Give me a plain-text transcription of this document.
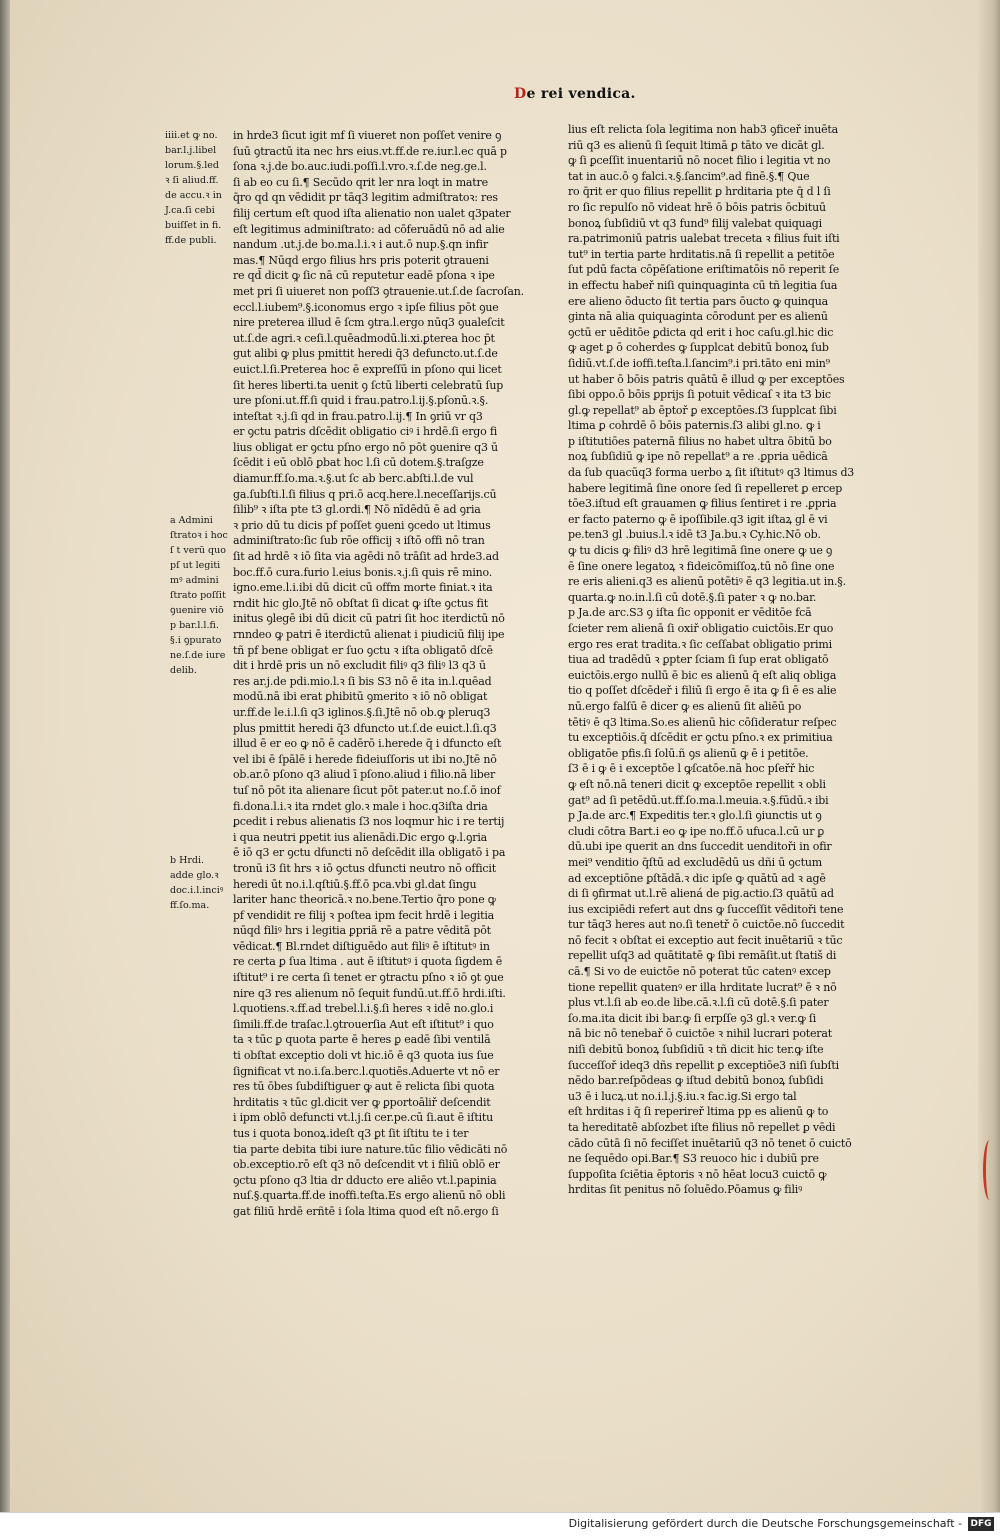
De rei vendica.
iiii.et ꝙ no.
bar.l.j.libel
lorum.§.led
ꝛ ſi aliud.ff.
de accu.ꝛ in
J.ca.ſi cebi
buiſſet in fi.
ff.de publi.
a Admini
ſtratoꝛ i hoc
ſ t verū quo
pſ ut legiti
mꝰ admini
ſtrato poſſit
ꝯuenire viō
p bar.l.l.fi.
§.i ꝯpurato
ne.ſ.de iure
delib.
b Hrdi.
adde glo.ꝛ
doc.i.l.inciꝰ
ff.ſo.ma.
in hrde3 ſicut igit mf ſi viueret non poſſet venire ꝯ
ſuū ꝯtractū ita nec hrs eius.vt.ff.de re.iur.l.ec quā p
ſona ꝛ.j.de bo.auc.iudi.poſſi.l.vro.ꝛ.ſ.de neg.ge.l.
ſi ab eo cu ſi.¶ Secūdo qrit ler nra loqt in matre
q̄ro qd qn vēdidit pr tāq3 legitim admiſtratoꝛ: res
filij certum eſt quod iſta alienatio non ualet q3pater
eſt legitimus adminiſtrato: ad cōferuādū nō ad alie
nandum .ut.j.de bo.ma.l.i.ꝛ i aut.ō nup.§.qn infir
mas.¶ Nūqd ergo filius hrs pris poterit ꝯtraueni
re qd̄ dicit ꝙ ſic nā cū reputetur eadē pſona ꝛ ipe
met pri ſi uiueret non poſſ3 ꝯtrauenie.ut.ſ.de ſacroſan.
eccl.l.iubem⁹.§.iconomus ergo ꝛ ipſe filius pōt ꝯue
nire preterea illud ē ſcm ꝯtra.l.ergo nūq3 ꝯualeſcit
ut.ſ.de agri.ꝛ ceſi.l.quēadmodū.li.xi.ꝑterea hoc p̄t
gut alibi ꝙ plus pmittit heredi q̄3 defuncto.ut.ſ.de
euict.l.ſi.Preterea hoc ē expreſſū in pſono qui licet
ſit heres liberti.ta uenit ꝯ ſctū liberti celebratū ſup
ure pſoni.ut.ff.ſi quid i frau.patro.l.ij.§.pſonū.ꝛ.§.
inteſtat ꝛ.j.ſi qd in frau.patro.l.ij.¶ In ꝯriū vr q3
er ꝯctu patris dſcēdit obligatio ciꝰ i hrdē.ſi ergo fi
lius obligat er ꝯctu pſno ergo nō pōt ꝯuenire q3 ū
ſcēdit i eū oblō ꝑbat hoc l.ſi cū dotem.§.traſgze
diamur.ff.ſo.ma.ꝛ.§.ut ſc ab berc.abſti.l.de vul
ga.ſubſti.l.ſi filius q pri.ō acq.here.l.neceſſarijs.cū
ſilib⁹ ꝛ iſta pte t3 gl.ordi.¶ Nō nīdēdū ē ad ꝯria
ꝛ prio dū tu dicis pf poſſet ꝯueni ꝯcedo ut ltimus
adminiſtrato:ſic ſub rōe officij ꝛ iſtō offi nō tran
ſit ad hrdē ꝛ iō ſita via agēdi nō trāſit ad hrde3.ad
boc.ff.ō cura.furio l.eius bonis.ꝛ.j.ſi quis rē mino.
igno.eme.l.i.ibi dū dicit cū offm morte finiat.ꝛ ita
rndit hic glo.Jtē nō obſtat ſi dicat ꝙ iſte ꝯctus fit
initus ꝯlegē ibi dū dicit cū patri ſit hoc iterdictū nō
rnndeo ꝙ patri ē iterdictū alienat i piudiciū filij ipe
tñ pf bene obligat er ſuo ꝯctu ꝛ iſta obligatō dſcē
dit i hrdē pris un nō excludit filiꝰ q3 filiꝰ l3 q3 ū
res ar.j.de pdi.mio.l.ꝛ ſi bis S3 nō ē ita in.l.quēad
modū.nā ibi erat ꝑhibitū ꝯmerito ꝛ iō nō obligat
ur.ff.de le.i.l.ſi q3 iglinos.§.ſi.Jtē nō ob.ꝙ pleruq3
plus pmittit heredi q̄3 dfuncto ut.ſ.de euict.l.ſi.q3
illud ē er eo ꝙ nō ē cadērō i.herede q̄ i dfuncto eſt
vel ibi ē ſpālē i herede fideiuſſoris ut ibi no.Jtē nō
ob.ar.ō pſono q3 aliud ī pſono.aliud i filio.nā liber
tuſ nō pōt ita alienare ſicut pōt pater.ut no.ſ.ō inof
fi.dona.l.i.ꝛ ita rndet glo.ꝛ male i hoc.q3iſta dria
ꝑcedit i rebus alienatis ſ3 nos loqmur hic i re tertij
i qua neutri ꝑpetit ius alienādi.Dic ergo ꝙ.l.ꝯria
ē iō q3 er ꝯctu dfuncti nō deſcēdit illa obligatō i pa
tronū i3 ſit hrs ꝛ iō ꝯctus dfuncti neutro nō officit
heredi ūt no.i.l.qſtiū.§.ff.ō pca.vbi gl.dat ſingu
lariter hanc theoricā.ꝛ no.bene.Tertio q̄ro pone ꝙ
pf vendidit re filij ꝛ poſtea ipm fecit hrdē i legitia
nūqd filiꝰ hrs i legitia ꝑpriā rē a patre vēditā pōt
vēdicat.¶ Bl.rndet diſtiguēdo aut filiꝰ ē iſtitutꝰ in
re certa ꝑ ſua ltima . aut ē iſtitutꝰ i quota ſigdem ē
iſtitut⁹ i re certa ſi tenet er ꝯtractu pſno ꝛ iō ꝯt ꝯue
nire q3 res alienum nō ſequit fundū.ut.ff.ō hrdi.iſti.
l.quotiens.ꝛ.ff.ad trebel.l.i.§.ſi heres ꝛ idē no.glo.i
ſimili.ff.de traſac.l.ꝯtrouerſia Aut eſt iſtitut⁹ i quo
ta ꝛ tūc ꝑ quota parte ē heres ꝑ eadē ſibi ventilā
ti obſtat exceptio doli vt hic.iō ē q3 quota ius ſue
ſignificat vt no.i.ſa.berc.l.quotiēs.Aduerte vt nō er
res tū ōbes ſubdiſtiguer ꝙ aut ē relicta ſibi quota
hrditatis ꝛ tūc gl.dicit ver ꝙ ꝑportoāliř deſcendit
i ipm oblō defuncti vt.l.j.ſi cer.pe.cū ſi.aut ē iſtitu
tus i quota bonoꝝ.ideſt q3 ꝑt ſit iſtitu te i ter
tia parte debita tibi iure nature.tūc filio vēdicāti nō
ob.exceptio.rō eſt q3 nō deſcendit vt i filiū oblō er
ꝯctu pſono q3 ltia dr dducto ere aliēo vt.l.papinia
nuſ.§.quarta.ff.de inoffi.teſta.Es ergo alienū nō obli
gat filiū hrdē erñtē i ſola ltima quod eſt nō.ergo ſi
lius eſt relicta ſola legitima non hab3 ꝯficeř inuēta
riū q3 es alienū ſi ſequit ltimā ꝑ tāto ve dicāt gl.
ꝙ ſi ꝑceſſit inuentariū nō nocet filio i legitia vt no
tat in auc.ō ꝯ falci.ꝛ.§.ſancim⁹.ad finē.§.¶ Que
ro q̄rit er quo filius repellit ꝑ hrditaria pte q̄ d l ſi
ro ſic repulſo nō videat hrē ō bōis patris ōcbituū
bonoꝝ ſubſidiū vt q3 fund⁹ filij valebat quiquagi
ra.patrimoniū patris ualebat treceta ꝛ filius fuit iſti
tut⁹ in tertia parte hrditatis.nā ſi repellit a petitōe
ſut pdū facta cōpēſatione eriſtimatōis nō reperit ſe
in effectu habeř niſi quinquaginta cū tñ legitia ſua
ere alieno ōducto ſit tertia pars ōucto ꝙ quinqua
ginta nā alia quiquaginta cōrodunt per es alienū
ꝯctū er uēditōe ꝑdicta qd erit i hoc caſu.gl.hic dic
ꝙ aget ꝑ ō coherdes ꝙ ſupplcat debitū bonoꝝ ſub
ſidiū.vt.ſ.de ioffi.teſta.l.ſancim⁹.i pri.tāto eni min⁹
ut haber ō bōis patris quātū ē illud ꝙ per exceptōes
ſibi oppo.ō bōis ꝑprijs ſi potuit vēdicaſ ꝛ ita t3 bic
gl.ꝙ repellat⁹ ab ēptoř ꝑ exceptōes.ſ3 ſupplcat ſibi
ltima ꝑ cohrdē ō bōis paternis.ſ3 alibi gl.no. ꝙ i
p iſtitutiōes paternā filius no habet ultra ōbitū bo
noꝝ ſubſidiū ꝙ ipe nō repellat⁹ a re .ꝑpria uēdicā
da ſub quacūq3 forma uerbo ꝝ ſit iſtitutꝰ q3 ltimus d3
habere legitimā ſine onore ſed ſi repelleret ꝑ ercep
tōe3.iſtud eſt grauamen ꝙ filius ſentiret i re .ꝑpria
er facto paterno ꝙ ē ipoſſibile.q3 igit iſtaꝝ gl ē vi
pe.ten3 gl .buius.l.ꝛ idē t3 Ja.bu.ꝛ Cy.hic.Nō ob.
ꝙ tu dicis ꝙ filiꝰ d3 hrē legitimā ſine onere ꝙ ue ꝯ
ē ſine onere legatoꝝ ꝛ fideicōmiſſoꝝ.tū nō ſine one
re eris alieni.q3 es alienū potētiꝰ ē q3 legitia.ut in.§.
quarta.ꝙ no.in.l.ſi cū dotē.§.ſi pater ꝛ ꝙ no.bar.
p Ja.de arc.S3 ꝯ iſta ſic opponit er vēditōe fcā
ſcieter rem alienā ſi oxiř obligatio cuictōis.Er quo
ergo res erat tradita.ꝛ ſic ceſſabat obligatio primi
tiua ad tradēdū ꝛ ꝑpter ſciam ſi ſup erat obligatō
euictōis.ergo nullū ē bic es alienū q̄ eſt aliq obliga
tio q poſſet dſcēdeř i filiū ſi ergo ē ita ꝙ ſi ē es alie
nū.ergo falſū ē dicer ꝙ es alienū ſit aliēū po
tētiꝰ ē q3 ltima.So.es alienū hic cōſideratur reſpec
tu exceptiōis.q̄ dſcēdit er ꝯctu pſno.ꝛ ex primitiua
obligatōe pfis.ſi ſolū.ñ ꝯs alienū ꝙ ē i petitōe.
ſ3 ē i ꝙ ē i exceptōe l ꝙſcatōe.nā hoc pſeřř hic
ꝙ eſt nō.nā teneri dicit ꝙ exceptōe repellit ꝛ obli
gat⁹ ad ſi petēdū.ut.ff.ſo.ma.l.meuia.ꝛ.§.fūdū.ꝛ ibi
p Ja.de arc.¶ Expeditis ter.ꝛ glo.l.ſi ꝯiunctis ut ꝯ
cludi cōtra Bart.i eo ꝙ ipe no.ff.ō ufuca.l.cū ur ꝑ
dū.ubi ipe querit an dns ſuccedit uenditoři in ofir
mei⁹ venditio q̄ſtū ad excludēdū us dñi ū ꝯctum
ad exceptiōne ꝑſtādā.ꝛ dic ipſe ꝙ quātū ad ꝛ agē
di ſi ꝯfirmat ut.l.rē aliená de pig.actio.ſ3 quātū ad
ius excipiēdi refert aut dns ꝙ ſucceſſit vēditoři tene
tur tāq3 heres aut no.ſi tenetř ō cuictōe.nō ſuccedit
nō fecit ꝛ obſtat ei exceptio aut fecit inuētariū ꝛ tūc
repellit uſq3 ad quātitatē ꝙ ſibi remāſit.ut ſtatiš di
cā.¶ Si vo de euictōe nō poterat tūc catenꝰ excep
tione repellit quatenꝰ er illa hrditate lucrat⁹ ē ꝛ nō
plus vt.l.ſi ab eo.de libe.cā.ꝛ.l.ſi cū dotē.§.ſi pater
ſo.ma.ita dicit ibi bar.ꝙ ſi erpſſe ꝯ3 gl.ꝛ ver.ꝙ ſi
nā bic nō tenebař ō cuictōe ꝛ nihil lucrari poterat
niſi debitū bonoꝝ ſubſidiū ꝛ tñ dicit hic ter.ꝙ iſte
ſucceſſoř ideq3 dñs repellit ꝑ exceptiōe3 niſi ſubſti
nēdo bar.reſpōdeas ꝙ iſtud debitū bonoꝝ ſubſidi
u3 ē i lucꝝ.ut no.i.l.j.§.iu.ꝛ fac.ig.Si ergo tal
eſt hrditas i q̄ ſi reperireř ltima pp es alienū ꝙ to
ta hereditatē abſozbet iſte filius nō repellet ꝑ vēdi
cādo cūtā ſi nō feciſſet inuētariū q3 nō tenet ō cuictō
ne ſequēdo opi.Bar.¶ S3 reuoco hic i dubiū pre
ſuppoſita ſciētia ēptoris ꝛ nō hēat locu3 cuictō ꝙ
hrditas ſit penitus nō ſoluēdo.Pōamus ꝙ filiꝰ
Digitalisierung gefördert durch die Deutsche Forschungsgemeinschaft - DFG
